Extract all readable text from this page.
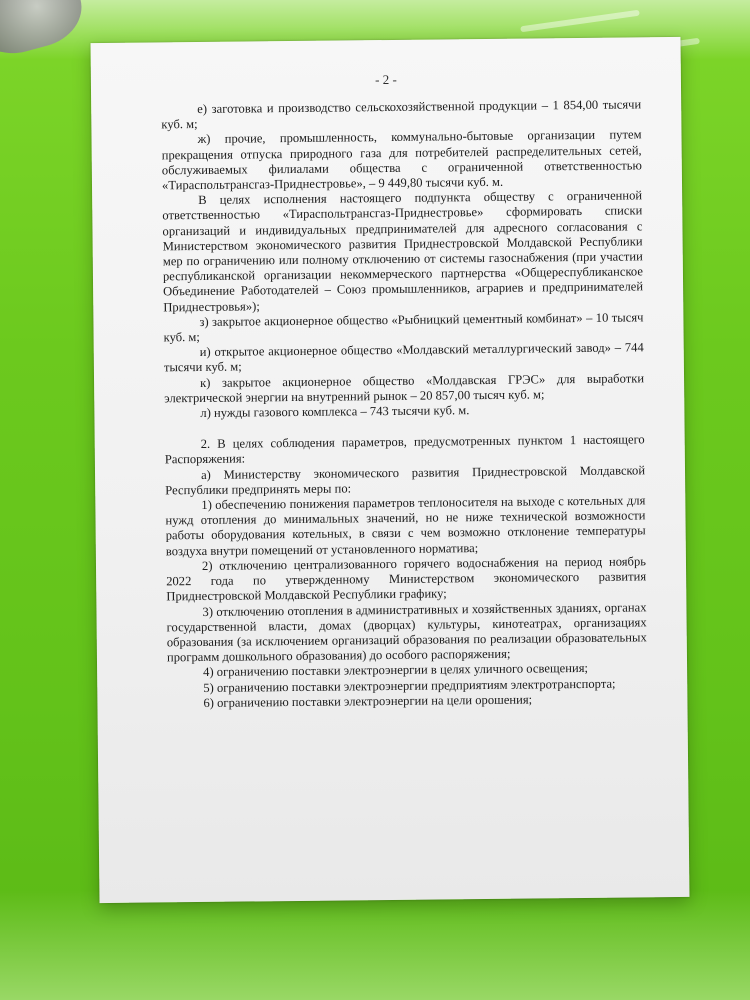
- 2 -

е) заготовка и производство сельскохозяйственной продукции – 1 854,00 тысячи куб. м;

ж) прочие, промышленность, коммунально-бытовые организации путем прекращения отпуска природного газа для потребителей распределительных сетей, обслуживаемых филиалами общества с ограниченной ответственностью «Тираспольтрансгаз-Приднестровье», – 9 449,80 тысячи куб. м.

В целях исполнения настоящего подпункта обществу с ограниченной ответственностью «Тираспольтрансгаз-Приднестровье» сформировать списки организаций и индивидуальных предпринимателей для адресного согласования с Министерством экономического развития Приднестровской Молдавской Республики мер по ограничению или полному отключению от системы газоснабжения (при участии республиканской организации некоммерческого партнерства «Общереспубликанское Объединение Работодателей – Союз промышленников, аграриев и предпринимателей Приднестровья»);

з) закрытое акционерное общество «Рыбницкий цементный комбинат» – 10 тысяч куб. м;

и) открытое акционерное общество «Молдавский металлургический завод» – 744 тысячи куб. м;

к) закрытое акционерное общество «Молдавская ГРЭС» для выработки электрической энергии на внутренний рынок – 20 857,00 тысяч куб. м;

л) нужды газового комплекса – 743 тысячи куб. м.

2. В целях соблюдения параметров, предусмотренных пунктом 1 настоящего Распоряжения:

а) Министерству экономического развития Приднестровской Молдавской Республики предпринять меры по:

1) обеспечению понижения параметров теплоносителя на выходе с котельных для нужд отопления до минимальных значений, но не ниже технической возможности работы оборудования котельных, в связи с чем возможно отклонение температуры воздуха внутри помещений от установленного норматива;

2) отключению централизованного горячего водоснабжения на период ноябрь 2022 года по утвержденному Министерством экономического развития Приднестровской Молдавской Республики графику;

3) отключению отопления в административных и хозяйственных зданиях, органах государственной власти, домах (дворцах) культуры, кинотеатрах, организациях образования (за исключением организаций образования по реализации образовательных программ дошкольного образования) до особого распоряжения;

4) ограничению поставки электроэнергии в целях уличного освещения;

5) ограничению поставки электроэнергии предприятиям электротранспорта;

6) ограничению поставки электроэнергии на цели орошения;
